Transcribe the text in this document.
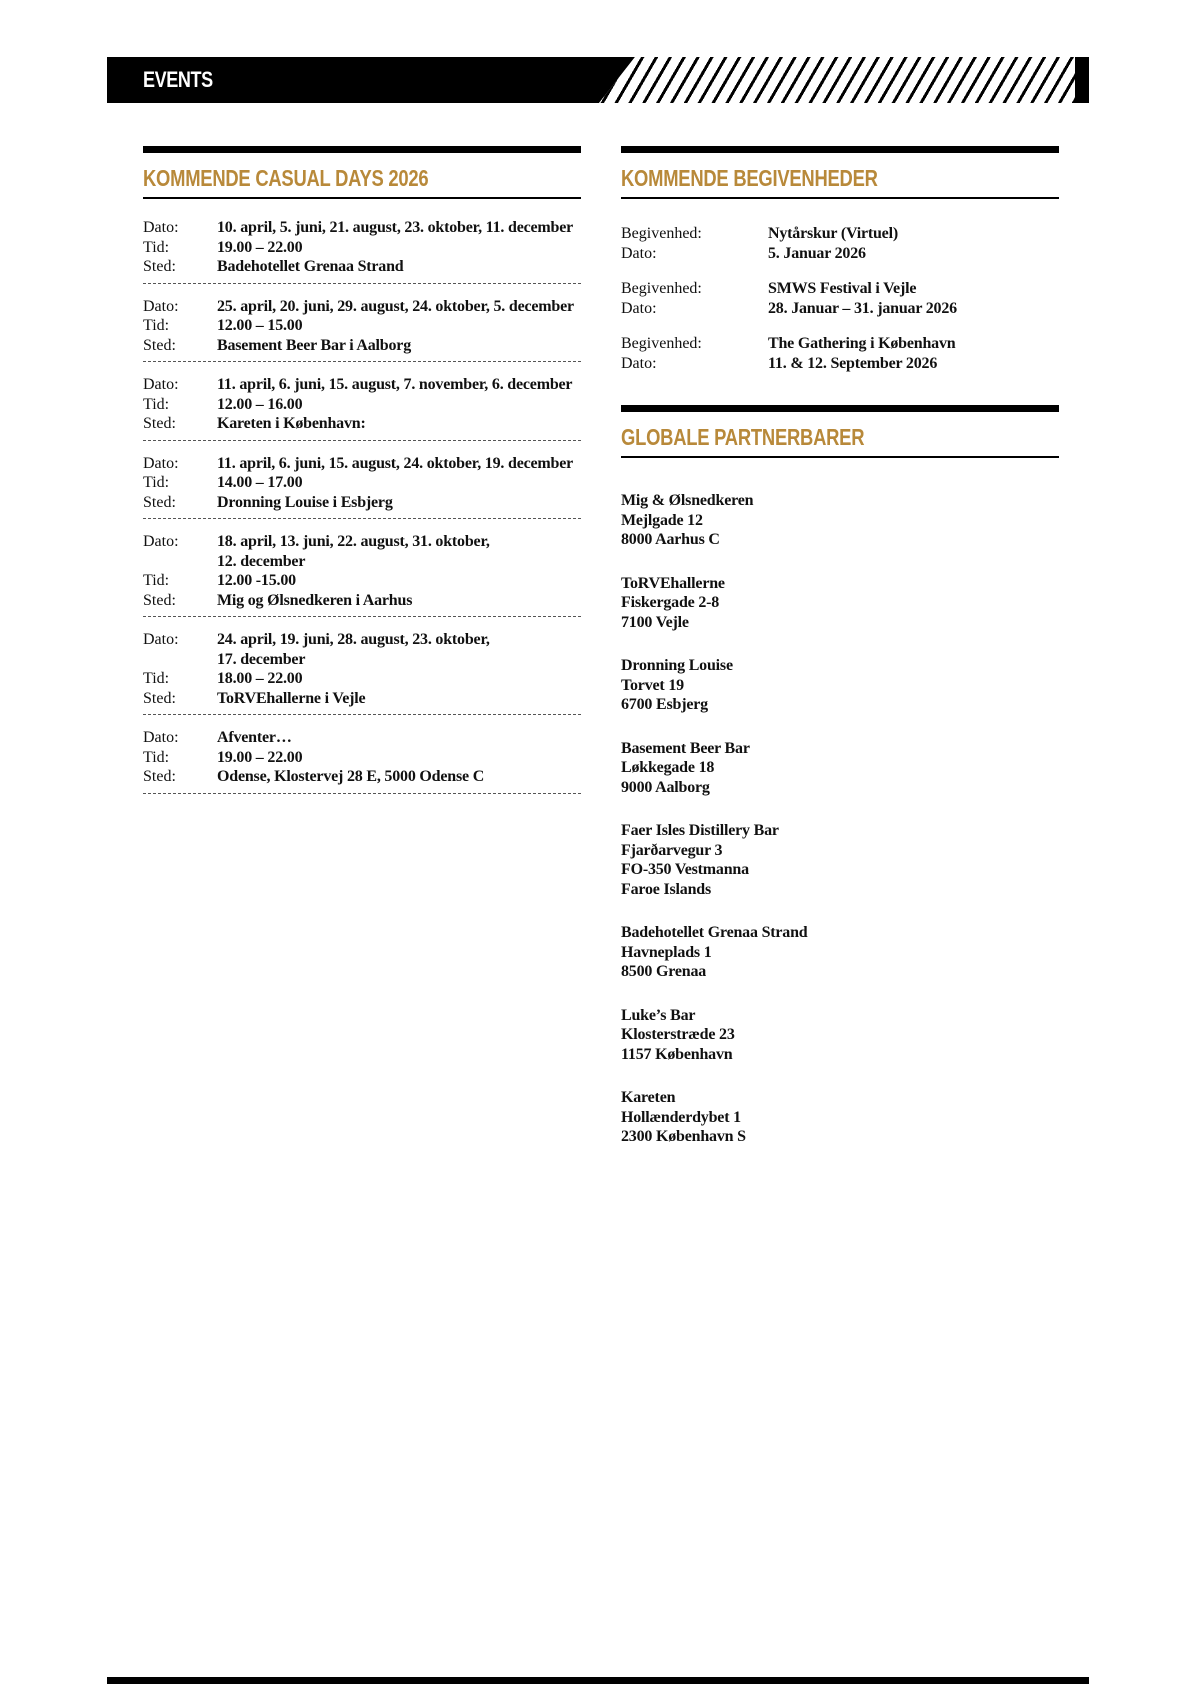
EVENTS
KOMMENDE CASUAL DAYS 2026
Dato:	10. april, 5. juni, 21. august, 23. oktober, 11. december
Tid:	19.00 – 22.00
Sted:	Badehotellet Grenaa Strand
Dato:	25. april, 20. juni, 29. august, 24. oktober, 5. december
Tid:	12.00 – 15.00
Sted:	Basement Beer Bar i Aalborg
Dato:	11. april, 6. juni, 15. august, 7. november, 6. december
Tid:	12.00 – 16.00
Sted:	Kareten i København:
Dato:	11. april, 6. juni, 15. august, 24. oktober, 19. december
Tid:	14.00 – 17.00
Sted:	Dronning Louise i Esbjerg
Dato:	18. april, 13. juni, 22. august, 31. oktober,
12. december
Tid:	12.00 -15.00
Sted:	Mig og Ølsnedkeren i Aarhus
Dato:	24. april, 19. juni, 28. august, 23. oktober,
17. december
Tid:	18.00 – 22.00
Sted:	ToRVEhallerne i Vejle
Dato:	Afventer…
Tid:	19.00 – 22.00
Sted:	Odense, Klostervej 28 E, 5000 Odense C
KOMMENDE BEGIVENHEDER
Begivenhed:	Nytårskur (Virtuel)
Dato:	5. Januar 2026
Begivenhed:	SMWS Festival i Vejle
Dato:	28. Januar – 31. januar 2026
Begivenhed:	The Gathering i København
Dato:	11. & 12. September 2026
GLOBALE PARTNERBARER
Mig & Ølsnedkeren
Mejlgade 12
8000 Aarhus C
ToRVEhallerne
Fiskergade 2-8
7100 Vejle
Dronning Louise
Torvet 19
6700 Esbjerg
Basement Beer Bar
Løkkegade 18
9000 Aalborg
Faer Isles Distillery Bar
Fjarðarvegur 3
FO-350 Vestmanna
Faroe Islands
Badehotellet Grenaa Strand
Havneplads 1
8500 Grenaa
Luke’s Bar
Klosterstræde 23
1157 København
Kareten
Hollænderdybet 1
2300 København S
